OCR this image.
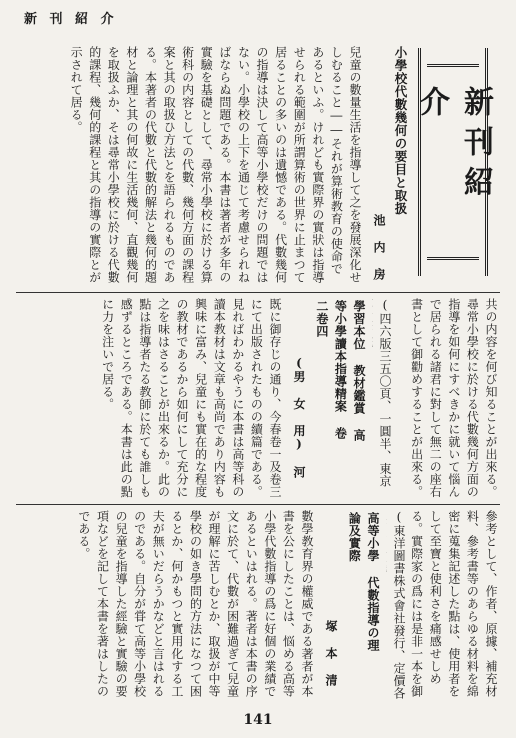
新 刊 紹 介
新刊紹介
小學校代數幾何の要目と取扱
池 内 房
兒童の數量生活を指導して之を發展深化せしむること――それが算術教育の使命であるといふ。けれども實際界の實狀は指導せられる範圍が所謂算術の世界に止まつて居ることの多いのは遺憾である。代數幾何の指導は決して高等小學校だけの問題ではない。小學校の上下を通じて考慮せられねばならぬ問題である。本書は著者が多年の實驗を基礎として、尋常小學校に於ける算術科の内容としての代數、幾何方面の課程案と其の取扱ひ方法とを語られるものである。本著者の代數と代數的解法と幾何的題材と論理と其の何故に生活幾何、直觀幾何を取扱ふか、そは尋常小學校に於ける代數的課程、幾何的課程と其の指導の實際とが示されて居る。
共の内容を何び知ることが出來る。尋常小學校に於ける代數幾何方面の指導を如何にすべきかに就いて惱んで居られる諸君に對して無二の座右書として御勸めすることが出來る。
(四六版三五〇頁、一圓半、東京
學習本位 教材鑑賞 高等小學讀本指導精案 卷二卷四
(男 女 用) 河
既に御存じの通り、今春卷一及卷三にて出版されたものの續篇である。見ればわかるやうに本書は高等科の讀本教材は文章も高尚であり内容も興味に富み、兒童にも實在的な程度の教材であるから如何にして充分に之を味はさることが出來るか。此の點は指導者たる教師に於ても誰しも感ずるところである。本書は此の點に力を注いで居る。
參考として、作者、原據、補充材料、參考書等のあらゆる材料を綿密に蒐集記述した點は、使用者をして至寶と使利さを痛感せしめる。實際家の爲には是非一本を御
(東洋圖書株式會社發行、定價各
高等小學 代數指導の理論及實際
塚 本 清
數學教育界の權威である著者が本書を公にしたことは、悩める高等小學代數指導の爲に好個の業績であるといはれる。著者は本書の序文に於て、代數が困難過ぎて兒童が理解に苦しむとか、取扱が中等學校の如き學問的方法になつて困るとか、何かもつと實用化する工夫が無いだらうかなどと言はれるのである。自分が甞て高等小學校の兒童を指導した經驗と實驗の要項などを記して本書を著はしたのである。
141
